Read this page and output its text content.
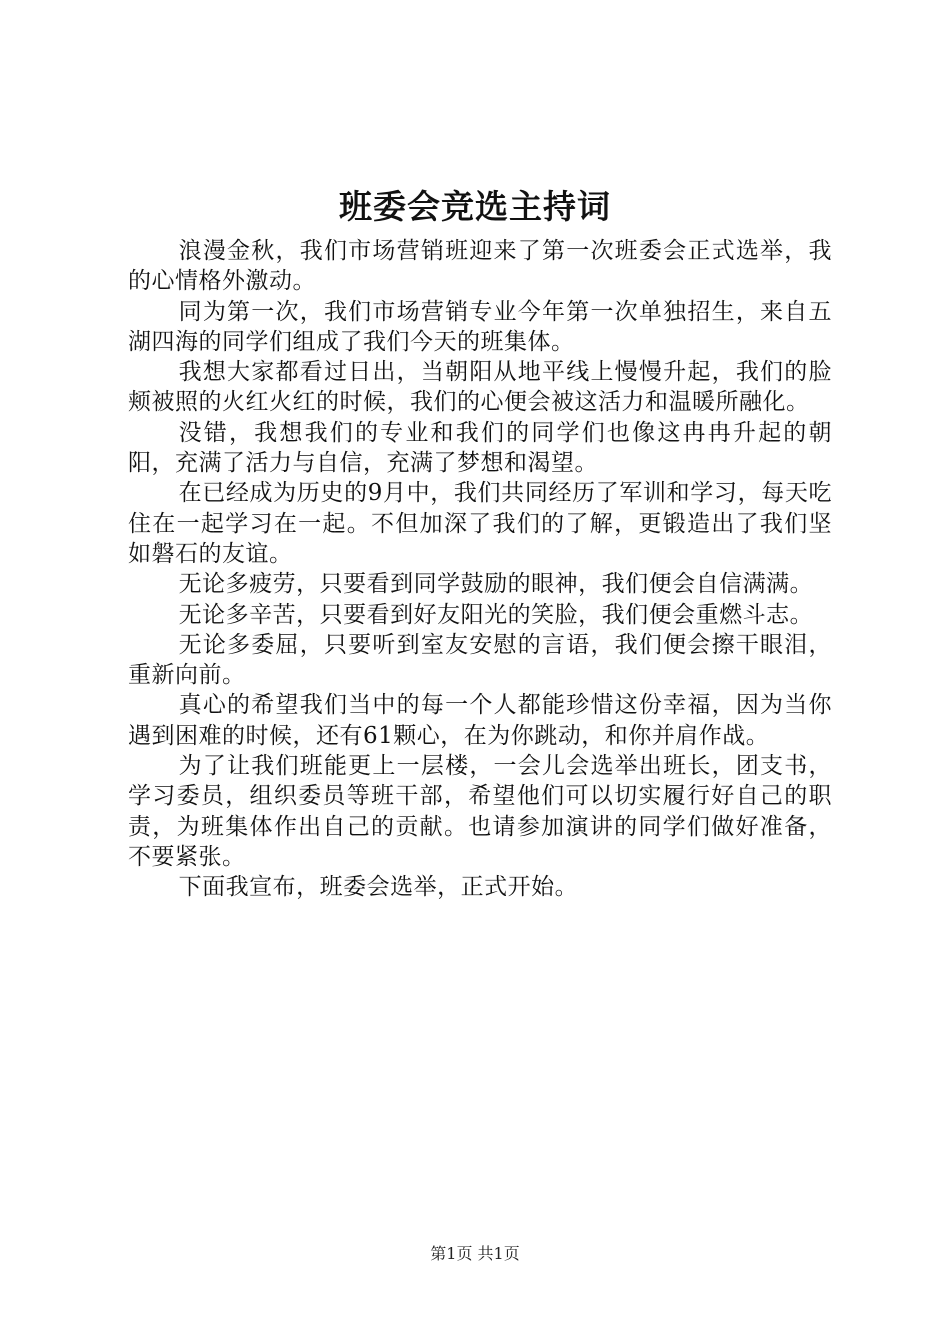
班委会竞选主持词

浪漫金秋，我们市场营销班迎来了第一次班委会正式选举，我的心情格外激动。

同为第一次，我们市场营销专业今年第一次单独招生，来自五湖四海的同学们组成了我们今天的班集体。

我想大家都看过日出，当朝阳从地平线上慢慢升起，我们的脸颊被照的火红火红的时候，我们的心便会被这活力和温暖所融化。

没错，我想我们的专业和我们的同学们也像这冉冉升起的朝阳，充满了活力与自信，充满了梦想和渴望。

在已经成为历史的9月中，我们共同经历了军训和学习，每天吃住在一起学习在一起。不但加深了我们的了解，更锻造出了我们坚如磐石的友谊。

无论多疲劳，只要看到同学鼓励的眼神，我们便会自信满满。

无论多辛苦，只要看到好友阳光的笑脸，我们便会重燃斗志。

无论多委屈，只要听到室友安慰的言语，我们便会擦干眼泪，重新向前。

真心的希望我们当中的每一个人都能珍惜这份幸福，因为当你遇到困难的时候，还有61颗心，在为你跳动，和你并肩作战。

为了让我们班能更上一层楼，一会儿会选举出班长，团支书，学习委员，组织委员等班干部，希望他们可以切实履行好自己的职责，为班集体作出自己的贡献。也请参加演讲的同学们做好准备，不要紧张。

下面我宣布，班委会选举，正式开始。

第1页 共1页
